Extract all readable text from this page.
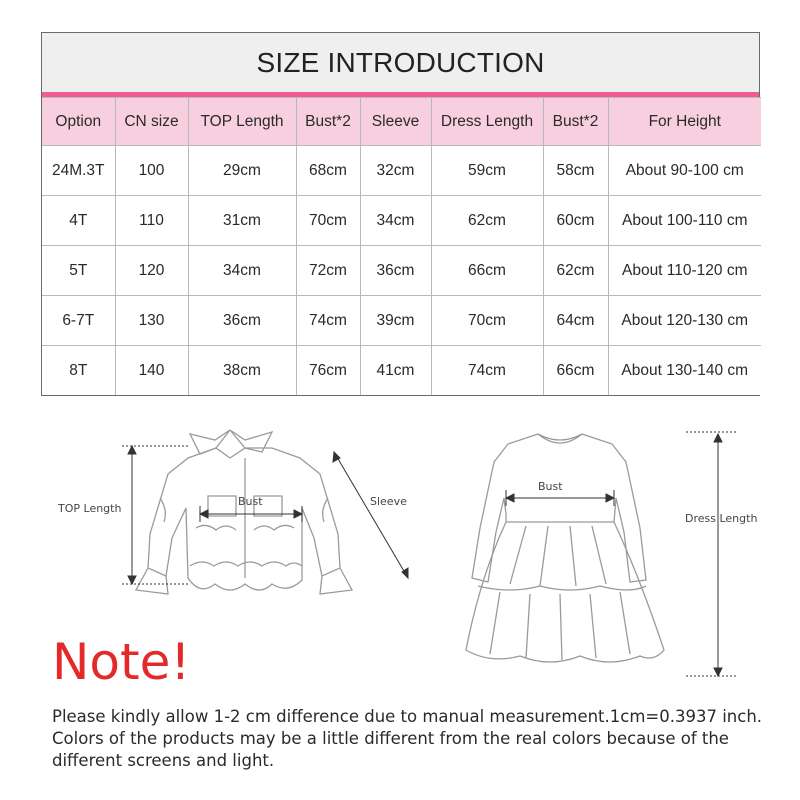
SIZE INTRODUCTION
Option	CN size	TOP Length	Bust*2	Sleeve	Dress Length	Bust*2	For Height
24M.3T	100	29cm	68cm	32cm	59cm	58cm	About 90-100 cm
4T	110	31cm	70cm	34cm	62cm	60cm	About 100-110 cm
5T	120	34cm	72cm	36cm	66cm	62cm	About 110-120 cm
6-7T	130	36cm	74cm	39cm	70cm	64cm	About 120-130 cm
8T	140	38cm	76cm	41cm	74cm	66cm	About 130-140 cm
TOP Length
Bust	Sleeve
Bust
Dress Length
Note!

Please kindly allow 1-2 cm difference due to manual measurement.1cm=0.3937 inch.

Colors of the products may be a little different from the real colors because of the

different screens and light.
